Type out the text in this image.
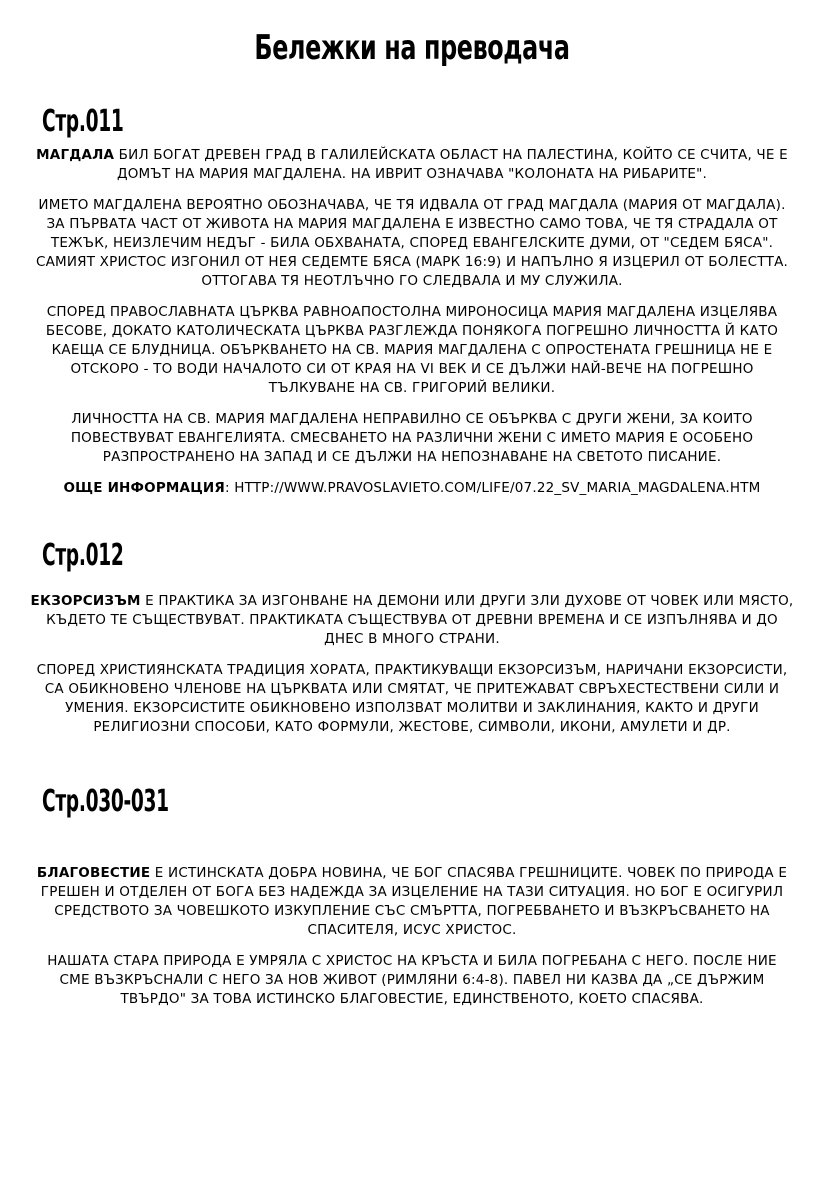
Бележки на преводача
Стр.011

МАГДАЛА БИЛ БОГАТ ДРЕВЕН ГРАД В ГАЛИЛЕЙСКАТА ОБЛАСТ НА ПАЛЕСТИНА, КОЙТО СЕ СЧИТА, ЧЕ Е ДОМЪТ НА МАРИЯ МАГДАЛЕНА. НА ИВРИТ ОЗНАЧАВА "КОЛОНАТА НА РИБАРИТЕ".

ИМЕТО МАГДАЛЕНА ВЕРОЯТНО ОБОЗНАЧАВА, ЧЕ ТЯ ИДВАЛА ОТ ГРАД МАГДАЛА (МАРИЯ ОТ МАГДАЛА). ЗА ПЪРВАТА ЧАСТ ОТ ЖИВОТА НА МАРИЯ МАГДАЛЕНА Е ИЗВЕСТНО САМО ТОВА, ЧЕ ТЯ СТРАДАЛА ОТ ТЕЖЪК, НЕИЗЛЕЧИМ НЕДЪГ - БИЛА ОБХВАНАТА, СПОРЕД ЕВАНГЕЛСКИТЕ ДУМИ, ОТ "СЕДЕМ БЯСА". САМИЯТ ХРИСТОС ИЗГОНИЛ ОТ НЕЯ СЕДЕМТЕ БЯСА (МАРК 16:9) И НАПЪЛНО Я ИЗЦЕРИЛ ОТ БОЛЕСТТА. ОТТОГАВА ТЯ НЕОТЛЪЧНО ГО СЛЕДВАЛА И МУ СЛУЖИЛА.

СПОРЕД ПРАВОСЛАВНАТА ЦЪРКВА РАВНОАПОСТОЛНА МИРОНОСИЦА МАРИЯ МАГДАЛЕНА ИЗЦЕЛЯВА БЕСОВЕ, ДОКАТО КАТОЛИЧЕСКАТА ЦЪРКВА РАЗГЛЕЖДА ПОНЯКОГА ПОГРЕШНО ЛИЧНОСТТА Й КАТО КАЕЩА СЕ БЛУДНИЦА. ОБЪРКВАНЕТО НА СВ. МАРИЯ МАГДАЛЕНА С ОПРОСТЕНАТА ГРЕШНИЦА НЕ Е ОТСКОРО - ТО ВОДИ НАЧАЛОТО СИ ОТ КРАЯ НА VI ВЕК И СЕ ДЪЛЖИ НАЙ-ВЕЧЕ НА ПОГРЕШНО ТЪЛКУВАНЕ НА СВ. ГРИГОРИЙ ВЕЛИКИ.

ЛИЧНОСТТА НА СВ. МАРИЯ МАГДАЛЕНА НЕПРАВИЛНО СЕ ОБЪРКВА С ДРУГИ ЖЕНИ, ЗА КОИТО ПОВЕСТВУВАТ ЕВАНГЕЛИЯТА. СМЕСВАНЕТО НА РАЗЛИЧНИ ЖЕНИ С ИМЕТО МАРИЯ Е ОСОБЕНО РАЗПРОСТРАНЕНО НА ЗАПАД И СЕ ДЪЛЖИ НА НЕПОЗНАВАНЕ НА СВЕТОТО ПИСАНИЕ.

ОЩЕ ИНФОРМАЦИЯ: HTTP://WWW.PRAVOSLAVIETO.COM/LIFE/07.22_SV_MARIA_MAGDALENA.HTM

Стр.012

ЕКЗОРСИЗЪМ Е ПРАКТИКА ЗА ИЗГОНВАНЕ НА ДЕМОНИ ИЛИ ДРУГИ ЗЛИ ДУХОВЕ ОТ ЧОВЕК ИЛИ МЯСТО, КЪДЕТО ТЕ СЪЩЕСТВУВАТ. ПРАКТИКАТА СЪЩЕСТВУВА ОТ ДРЕВНИ ВРЕМЕНА И СЕ ИЗПЪЛНЯВА И ДО ДНЕС В МНОГО СТРАНИ.

СПОРЕД ХРИСТИЯНСКАТА ТРАДИЦИЯ ХОРАТА, ПРАКТИКУВАЩИ ЕКЗОРСИЗЪМ, НАРИЧАНИ ЕКЗОРСИСТИ, СА ОБИКНОВЕНО ЧЛЕНОВЕ НА ЦЪРКВАТА ИЛИ СМЯТАТ, ЧЕ ПРИТЕЖАВАТ СВРЪХЕСТЕСТВЕНИ СИЛИ И УМЕНИЯ. ЕКЗОРСИСТИТЕ ОБИКНОВЕНО ИЗПОЛЗВАТ МОЛИТВИ И ЗАКЛИНАНИЯ, КАКТО И ДРУГИ РЕЛИГИОЗНИ СПОСОБИ, КАТО ФОРМУЛИ, ЖЕСТОВЕ, СИМВОЛИ, ИКОНИ, АМУЛЕТИ И ДР.

Стр.030-031

БЛАГОВЕСТИЕ Е ИСТИНСКАТА ДОБРА НОВИНА, ЧЕ БОГ СПАСЯВА ГРЕШНИЦИТЕ. ЧОВЕК ПО ПРИРОДА Е ГРЕШЕН И ОТДЕЛЕН ОТ БОГА БЕЗ НАДЕЖДА ЗА ИЗЦЕЛЕНИЕ НА ТАЗИ СИТУАЦИЯ. НО БОГ Е ОСИГУРИЛ СРЕДСТВОТО ЗА ЧОВЕШКОТО ИЗКУПЛЕНИЕ СЪС СМЪРТТА, ПОГРЕБВАНЕТО И ВЪЗКРЪСВАНЕТО НА СПАСИТЕЛЯ, ИСУС ХРИСТОС.

НАШАТА СТАРА ПРИРОДА Е УМРЯЛА С ХРИСТОС НА КРЪСТА И БИЛА ПОГРЕБАНА С НЕГО. ПОСЛЕ НИЕ СМЕ ВЪЗКРЪСНАЛИ С НЕГО ЗА НОВ ЖИВОТ (РИМЛЯНИ 6:4-8). ПАВЕЛ НИ КАЗВА ДА „СЕ ДЪРЖИМ ТВЪРДО" ЗА ТОВА ИСТИНСКО БЛАГОВЕСТИЕ, ЕДИНСТВЕНОТО, КОЕТО СПАСЯВА.
